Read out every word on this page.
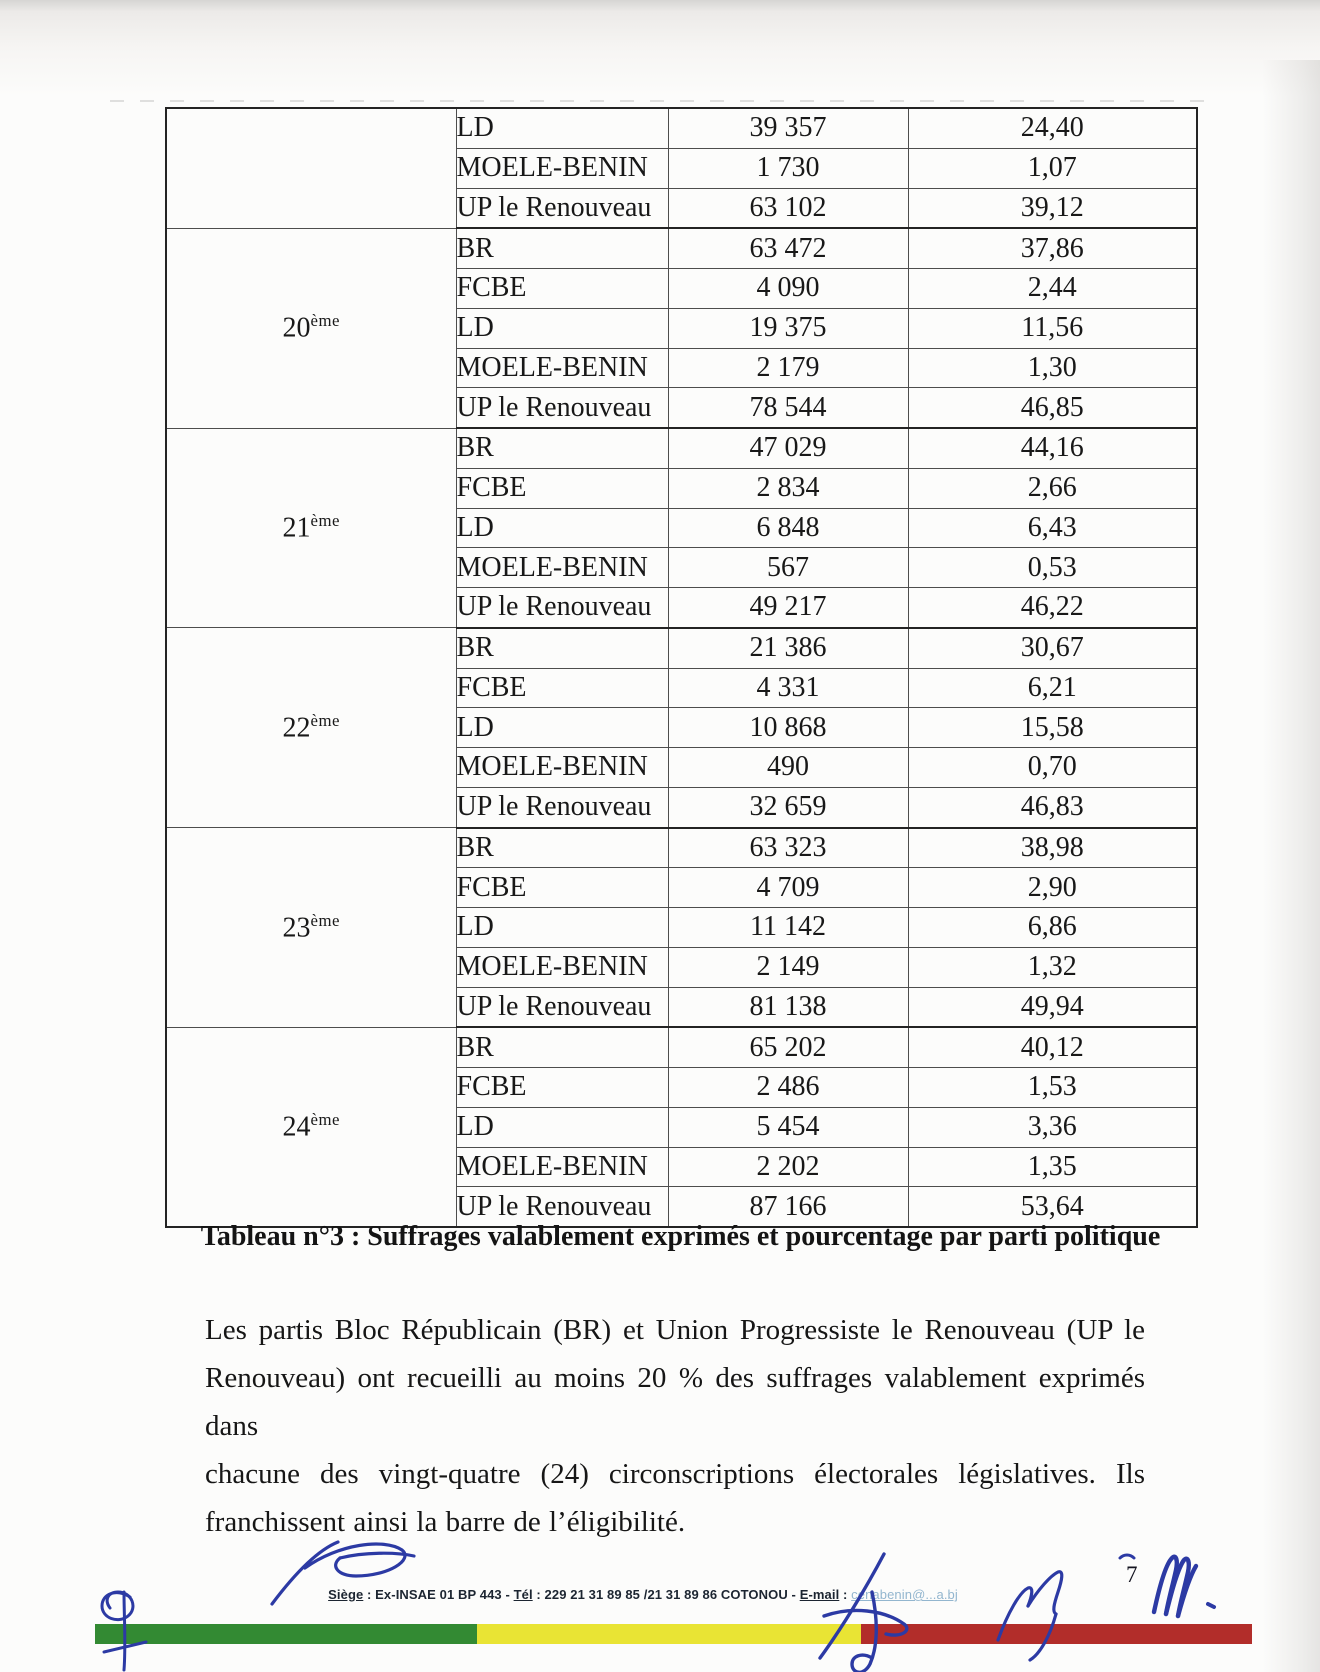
	LD	39 357	24,40
	MOELE-BENIN	1 730	1,07
	UP le Renouveau	63 102	39,12
20ème	BR	63 472	37,86
	FCBE	4 090	2,44
	LD	19 375	11,56
	MOELE-BENIN	2 179	1,30
	UP le Renouveau	78 544	46,85
21ème	BR	47 029	44,16
	FCBE	2 834	2,66
	LD	6 848	6,43
	MOELE-BENIN	567	0,53
	UP le Renouveau	49 217	46,22
22ème	BR	21 386	30,67
	FCBE	4 331	6,21
	LD	10 868	15,58
	MOELE-BENIN	490	0,70
	UP le Renouveau	32 659	46,83
23ème	BR	63 323	38,98
	FCBE	4 709	2,90
	LD	11 142	6,86
	MOELE-BENIN	2 149	1,32
	UP le Renouveau	81 138	49,94
24ème	BR	65 202	40,12
	FCBE	2 486	1,53
	LD	5 454	3,36
	MOELE-BENIN	2 202	1,35
	UP le Renouveau	87 166	53,64
Tableau n°3 : Suffrages valablement exprimés et pourcentage par parti politique
Les partis Bloc Républicain (BR) et Union Progressiste le Renouveau (UP le
Renouveau) ont recueilli au moins 20 % des suffrages valablement exprimés dans
chacune des vingt-quatre (24) circonscriptions électorales législatives. Ils
franchissent ainsi la barre de l’éligibilité.
Siège : Ex-INSAE 01 BP 443 - Tél : 229 21 31 89 85 /21 31 89 86 COTONOU - E-mail : cenabenin@...a.bj
7
